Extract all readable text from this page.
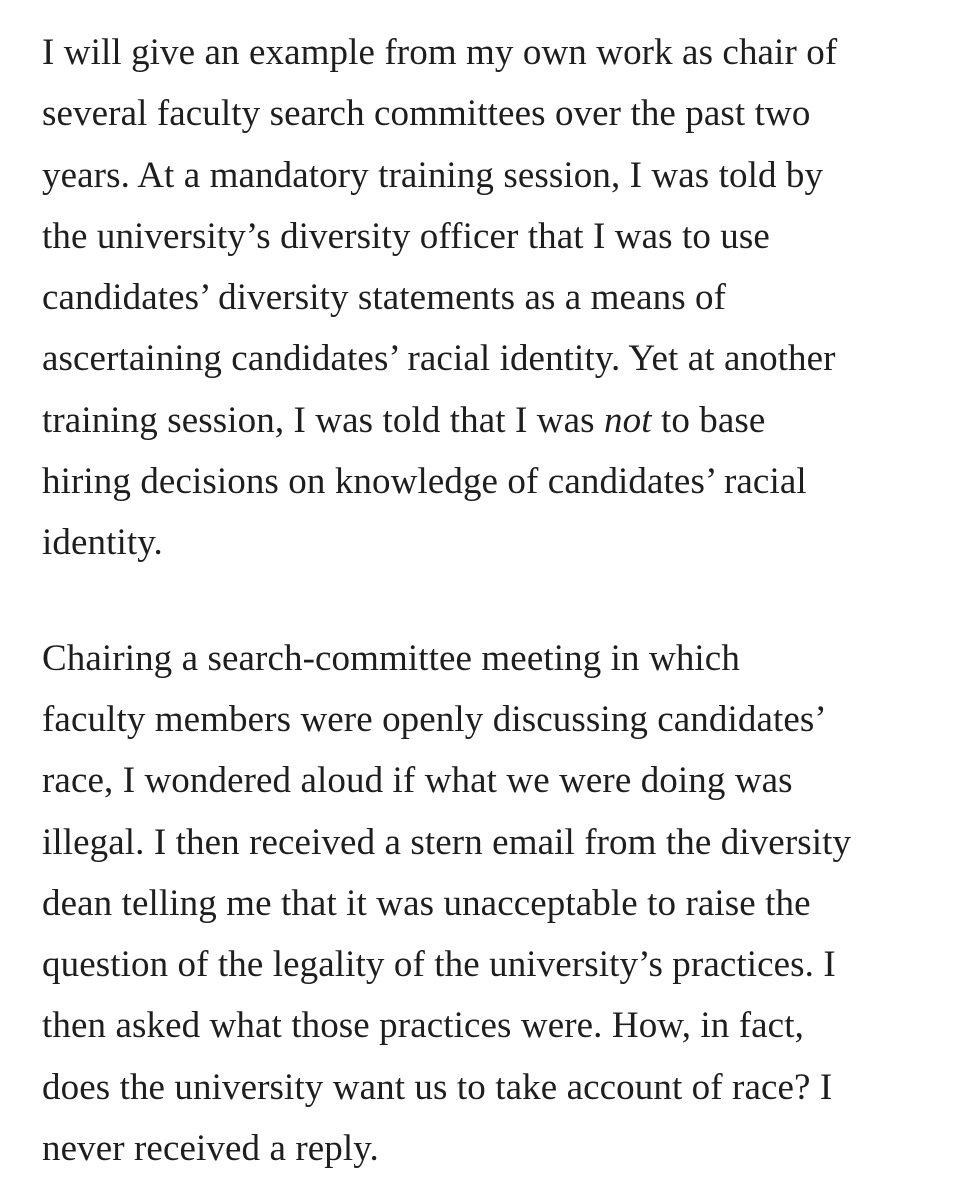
I will give an example from my own work as chair of
several faculty search committees over the past two
years. At a mandatory training session, I was told by
the university’s diversity officer that I was to use
candidates’ diversity statements as a means of
ascertaining candidates’ racial identity. Yet at another
training session, I was told that I was not to base
hiring decisions on knowledge of candidates’ racial
identity.

Chairing a search-committee meeting in which
faculty members were openly discussing candidates’
race, I wondered aloud if what we were doing was
illegal. I then received a stern email from the diversity
dean telling me that it was unacceptable to raise the
question of the legality of the university’s practices. I
then asked what those practices were. How, in fact,
does the university want us to take account of race? I
never received a reply.
